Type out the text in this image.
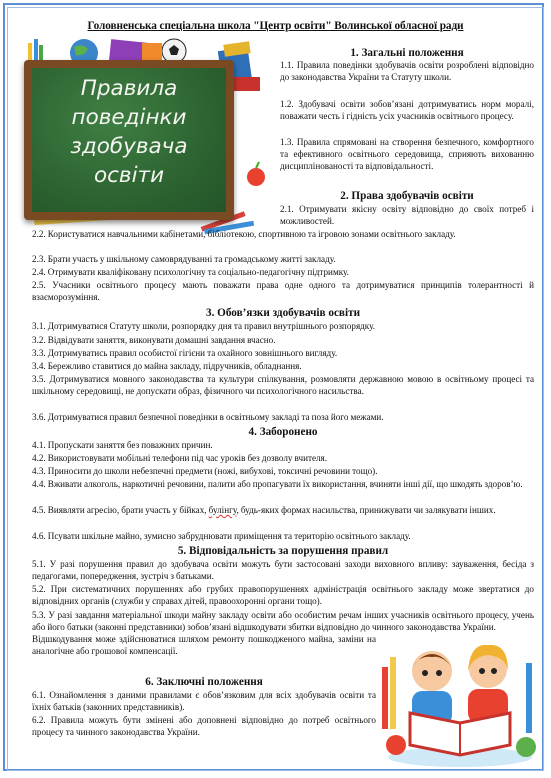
Головненська спеціальна школа "Центр освіти" Волинської обласної ради
Правила
поведінки
здобувача
освіти
1. Загальні положення
1.1. Правила поведінки здобувачів освіти розроблені відповідно до законодавства України та Статуту школи.
1.2. Здобувачі освіти зобов’язані дотримуватись норм моралі, поважати честь і гідність усіх учасників освітнього процесу.
1.3. Правила спрямовані на створення безпечного, комфортного та ефективного освітнього середовища, сприяють вихованню дисциплінованості та відповідальності.
2. Права здобувачів освіти
2.1. Отримувати якісну освіту відповідно до своїх потреб і можливостей.
2.2. Користуватися навчальними кабінетами, бібліотекою, спортивною та ігровою зонами освітнього закладу.
2.3. Брати участь у шкільному самоврядуванні та громадському житті закладу.
2.4. Отримувати кваліфіковану психологічну та соціально-педагогічну підтримку.
2.5. Учасники освітнього процесу мають поважати права одне одного та дотримуватися принципів толерантності й взаєморозуміння.
3. Обов’язки здобувачів освіти
3.1. Дотримуватися Статуту школи, розпорядку дня та правил внутрішнього розпорядку.
3.2. Відвідувати заняття, виконувати домашні завдання вчасно.
3.3. Дотримуватись правил особистої гігієни та охайного зовнішнього вигляду.
3.4. Бережливо ставитися до майна закладу, підручників, обладнання.
3.5. Дотримуватися мовного законодавства та культури спілкування, розмовляти державною мовою в освітньому процесі та шкільному середовищі, не допускати образ, фізичного чи психологічного насильства.
3.6. Дотримуватися правил безпечної поведінки в освітньому закладі та поза його межами.
4. Заборонено
4.1. Пропускати заняття без поважних причин.
4.2. Використовувати мобільні телефони під час уроків без дозволу вчителя.
4.3. Приносити до школи небезпечні предмети (ножі, вибухові, токсичні речовини тощо).
4.4. Вживати алкоголь, наркотичні речовини, палити або пропагувати їх використання, вчиняти інші дії, що шкодять здоров’ю.
4.5. Виявляти агресію, брати участь у бійках, булінгу, будь-яких формах насильства, принижувати чи залякувати інших.
4.6. Псувати шкільне майно, зумисно забруднювати приміщення та територію освітнього закладу.
5. Відповідальність за порушення правил
5.1. У разі порушення правил до здобувача освіти можуть бути застосовані заходи виховного впливу: зауваження, бесіда з педагогами, попередження, зустріч з батьками.
5.2. При систематичних порушеннях або грубих правопорушеннях адміністрація освітнього закладу може звертатися до відповідних органів (служби у справах дітей, правоохоронні органи тощо).
5.3. У разі завдання матеріальної шкоди майну закладу освіти або особистим речам інших учасників освітнього процесу, учень або його батьки (законні представники) зобов’язані відшкодувати збитки відповідно до чинного законодавства України.
Відшкодування може здійснюватися шляхом ремонту пошкодженого майна, заміни на аналогічне або грошової компенсації.
6. Заключні положення
6.1. Ознайомлення з даними правилами є обов’язковим для всіх здобувачів освіти та їхніх батьків (законних представників).
6.2. Правила можуть бути змінені або доповнені відповідно до потреб освітнього процесу та чинного законодавства України.
